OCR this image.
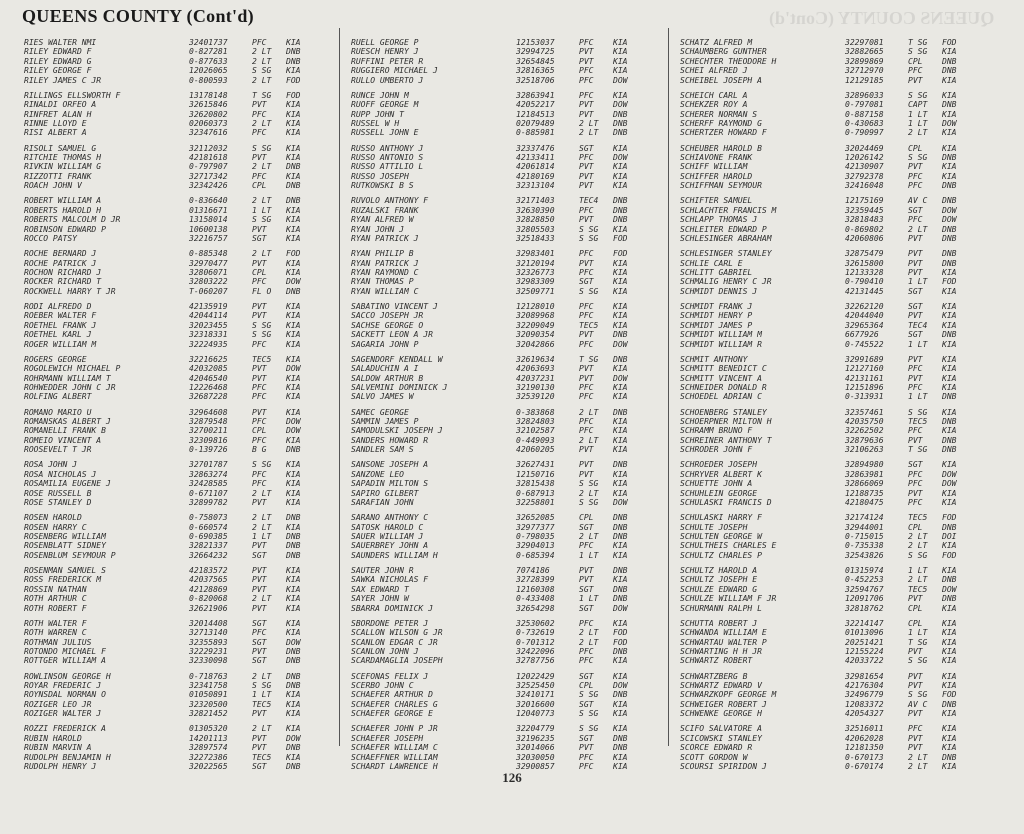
QUEENS COUNTY (Cont'd)	QUEENS COUNTY (Cont'd)
RIES WALTER NMI	32401737	PFC	KIA
RILEY EDWARD F	0-827281	2 LT	DNB
RILEY EDWARD G	0-877633	2 LT	DNB
RILEY GEORGE F	12026065	S SG	KIA
RILEY JAMES C JR	0-800593	2 LT	FOD
RILLINGS ELLSWORTH F	13178148	T SG	FOD
RINALDI ORFEO A	32615846	PVT	KIA
RINFRET ALAN H	32620802	PFC	KIA
RINNE LLOYD E	02060373	2 LT	KIA
RISI ALBERT A	32347616	PFC	KIA
RISOLI SAMUEL G	32112032	S SG	KIA
RITCHIE THOMAS H	42181618	PVT	KIA
RIVKIN WILLIAM G	0-797907	2 LT	DNB
RIZZOTTI FRANK	32717342	PFC	KIA
ROACH JOHN V	32342426	CPL	DNB
ROBERT WILLIAM A	0-836640	2 LT	DNB
ROBERTS HAROLD H	01316671	1 LT	KIA
ROBERTS MALCOLM D JR	13158014	S SG	KIA
ROBINSON EDWARD P	10600138	PVT	KIA
ROCCO PATSY	32216757	SGT	KIA
ROCHE BERNARD J	0-885348	2 LT	FOD
ROCHE PATRICK J	32970477	PVT	KIA
ROCHON RICHARD J	32806071	CPL	KIA
ROCKER RICHARD T	32803222	PFC	DOW
ROCKWELL HARRY T JR	T-060207	FL O	DNB
RODI ALFREDO D	42135919	PVT	KIA
ROEBER WALTER F	42044114	PVT	KIA
ROETHEL FRANK J	32023455	S SG	KIA
ROETHEL KARL J	32318331	S SG	KIA
ROGER WILLIAM M	32224935	PFC	KIA
ROGERS GEORGE	32216625	TEC5	KIA
ROGOLEWICH MICHAEL P	42032085	PVT	DOW
ROHRMANN WILLIAM T	42046540	PVT	KIA
ROHWEDDER JOHN C JR	12226468	PFC	KIA
ROLFING ALBERT	32687228	PFC	KIA
ROMANO MARIO U	32964608	PVT	KIA
ROMANSKAS ALBERT J	32879548	PFC	DOW
ROMANELLI FRANK B	32700211	CPL	DOW
ROMEIO VINCENT A	32309816	PFC	KIA
ROOSEVELT T JR	0-139726	B G	DNB
ROSA JOHN J	32701787	S SG	KIA
ROSA NICHOLAS J	32863274	PFC	KIA
ROSAMILIA EUGENE J	32428585	PFC	KIA
ROSE RUSSELL B	0-671107	2 LT	KIA
ROSE STANLEY D	32899782	PVT	KIA
ROSEN HAROLD	0-758073	2 LT	DNB
ROSEN HARRY C	0-660574	2 LT	KIA
ROSENBERG WILLIAM	0-690385	1 LT	DNB
ROSENBLATT SIDNEY	32821337	PVT	DNB
ROSENBLUM SEYMOUR P	32664232	SGT	DNB
ROSENMAN SAMUEL S	42183572	PVT	KIA
ROSS FREDERICK M	42037565	PVT	KIA
ROSSIN NATHAN	42128869	PVT	KIA
ROTH ARTHUR C	0-820068	2 LT	KIA
ROTH ROBERT F	32621906	PVT	KIA
ROTH WALTER F	32014408	SGT	KIA
ROTH WARREN C	32713140	PFC	KIA
ROTHMAN JULIUS	32355893	SGT	DOW
ROTONDO MICHAEL F	32229231	PVT	DNB
ROTTGER WILLIAM A	32330098	SGT	DNB
ROWLINSON GEORGE H	0-718763	2 LT	DNB
ROYAR FREDERIC J	32341758	S SG	DNB
ROYNSDAL NORMAN O	01050891	1 LT	KIA
ROZIGER LEO JR	32320500	TEC5	KIA
ROZIGER WALTER J	32821452	PVT	KIA
ROZZI FREDERICK A	01305320	2 LT	KIA
RUBIN HAROLD	14201113	PVT	DOW
RUBIN MARVIN A	32897574	PVT	DNB
RUDOLPH BENJAMIN H	32272386	TEC5	KIA
RUDOLPH HENRY J	32022565	SGT	DNB
RUELL GEORGE P	12153037	PFC	KIA
RUESCH HENRY J	32994725	PVT	KIA
RUFFINI PETER R	32654845	PVT	KIA
RUGGIERO MICHAEL J	32816365	PFC	KIA
RULLO UMBERTO J	32518706	PFC	DOW
RUNCE JOHN M	32863941	PFC	KIA
RUOFF GEORGE M	42052217	PVT	DOW
RUPP JOHN T	12184513	PVT	DNB
RUSSEL W H	02079489	2 LT	DNB
RUSSELL JOHN E	0-885981	2 LT	DNB
RUSSO ANTHONY J	32337476	SGT	KIA
RUSSO ANTONIO S	42133411	PFC	DOW
RUSSO ATTILIO L	42061814	PVT	KIA
RUSSO JOSEPH	42180169	PVT	KIA
RUTKOWSKI B S	32313104	PVT	KIA
RUVOLO ANTHONY F	32171403	TEC4	DNB
RUZALSKI FRANK	32630390	PFC	DNB
RYAN ALFRED W	32828850	PVT	DNB
RYAN JOHN J	32805503	S SG	KIA
RYAN PATRICK J	32518433	S SG	FOD
RYAN PHILIP B	32983401	PFC	FOD
RYAN PATRICK J	32120194	PVT	KIA
RYAN RAYMOND C	32326773	PFC	KIA
RYAN THOMAS P	32983309	SGT	KIA
RYAN WILLIAM C	32509771	S SG	KIA
SABATINO VINCENT J	12128010	PFC	KIA
SACCO JOSEPH JR	32089968	PFC	KIA
SACHSE GEORGE O	32209049	TEC5	KIA
SACKETT LEON A JR	32090354	PVT	DNB
SAGARIA JOHN P	32042866	PFC	DOW
SAGENDORF KENDALL W	32619634	T SG	DNB
SALADUCHIN A I	42063693	PVT	KIA
SALDOW ARTHUR B	42037231	PVT	DOW
SALVEMINI DOMINICK J	32190130	PFC	KIA
SALVO JAMES W	32539120	PFC	KIA
SAMEC GEORGE	0-383868	2 LT	DNB
SAMMIN JAMES P	32824803	PFC	KIA
SAMODULSKI JOSEPH J	32102587	PFC	KIA
SANDERS HOWARD R	0-449093	2 LT	KIA
SANDLER SAM S	42060205	PVT	KIA
SANSONE JOSEPH A	32627431	PVT	DNB
SANZONE LEO	12150716	PVT	KIA
SAPADIN MILTON S	32815438	S SG	KIA
SAPIRO GILBERT	0-687913	2 LT	KIA
SARAFIAN JOHN	32258801	S SG	DOW
SARANO ANTHONY C	32652085	CPL	DNB
SATOSK HAROLD C	32977377	SGT	DNB
SAUER WILLIAM J	0-798035	2 LT	DNB
SAUERBREY JOHN A	32904013	PFC	KIA
SAUNDERS WILLIAM H	0-685394	1 LT	KIA
SAUTER JOHN R	7074186	PVT	DNB
SAWKA NICHOLAS F	32728399	PVT	KIA
SAX EDWARD T	12160308	SGT	DNB
SAYER JOHN W	0-433408	1 LT	DNB
SBARRA DOMINICK J	32654298	SGT	DOW
SBORDONE PETER J	32530602	PFC	KIA
SCALLON WILSON G JR	0-732619	2 LT	FOD
SCANLON EDGAR C JR	0-701312	2 LT	FOD
SCANLON JOHN J	32422096	PFC	DNB
SCARDAMAGLIA JOSEPH	32787756	PFC	KIA
SCEFONAS FELIX J	12022429	SGT	KIA
SCERBO JOHN C	32525450	CPL	DOW
SCHAEFER ARTHUR D	32410171	S SG	DNB
SCHAEFER CHARLES G	32016600	SGT	KIA
SCHAEFER GEORGE E	12040773	S SG	KIA
SCHAEFER JOHN P JR	32204779	S SG	KIA
SCHAEFER JOSEPH	32196235	SGT	DNB
SCHAEFER WILLIAM C	32014066	PVT	DNB
SCHAEFFNER WILLIAM	32030050	PFC	KIA
SCHARDT LAWRENCE H	32900857	PFC	KIA
SCHATZ ALFRED M	32297081	T SG	FOD
SCHAUMBERG GUNTHER	32882665	S SG	KIA
SCHECHTER THEODORE H	32899869	CPL	DNB
SCHEI ALFRED J	32712970	PFC	DNB
SCHEIBEL JOSEPH A	12129185	PVT	KIA
SCHEICH CARL A	32896033	S SG	KIA
SCHEKZER ROY A	0-797081	CAPT	DNB
SCHERER NORMAN S	0-887158	1 LT	KIA
SCHERFF RAYMOND G	0-430683	1 LT	DOW
SCHERTZER HOWARD F	0-790997	2 LT	KIA
SCHEUBER HAROLD B	32024469	CPL	KIA
SCHIAVONE FRANK	12026142	S SG	DNB
SCHIFF WILLIAM	42130907	PVT	KIA
SCHIFFER HAROLD	32792378	PFC	KIA
SCHIFFMAN SEYMOUR	32416048	PFC	DNB
SCHIFTER SAMUEL	12175169	AV C	DNB
SCHLACHTER FRANCIS M	32359445	SGT	DOW
SCHLAPP THOMAS J	32818483	PFC	DOW
SCHLEITER EDWARD P	0-869802	2 LT	DNB
SCHLESINGER ABRAHAM	42060806	PVT	DNB
SCHLESINGER STANLEY	32875479	PVT	DNB
SCHLIE CARL E	32615800	PVT	DNB
SCHLITT GABRIEL	12133328	PVT	KIA
SCHMALIG HENRY C JR	0-790410	1 LT	FOD
SCHMIDT DENNIS J	42131445	SGT	KIA
SCHMIDT FRANK J	32262120	SGT	KIA
SCHMIDT HENRY P	42044040	PVT	KIA
SCHMIDT JAMES P	32965364	TEC4	KIA
SCHMIDT WILLIAM M	6677926	SGT	DNB
SCHMIDT WILLIAM R	0-745522	1 LT	KIA
SCHMIT ANTHONY	32991689	PVT	KIA
SCHMITT BENEDICT C	12127160	PFC	KIA
SCHMITT VINCENT A	42131161	PVT	KIA
SCHNEIDER DONALD R	12151896	PFC	KIA
SCHOEDEL ADRIAN C	0-313931	1 LT	DNB
SCHOENBERG STANLEY	32357461	S SG	KIA
SCHOERPNER MILTON H	42035750	TEC5	DNB
SCHRAMM BRUNO F	32262502	PFC	KIA
SCHREINER ANTHONY T	32879636	PVT	DNB
SCHRODER JOHN F	32106263	T SG	DNB
SCHROEDER JOSEPH	32894980	SGT	KIA
SCHRYVER ALBERT K	32863981	PFC	DOW
SCHUETTE JOHN A	32866069	PFC	DOW
SCHUHLEIN GEORGE	12188735	PVT	KIA
SCHULASKI FRANCIS D	42180475	PFC	KIA
SCHULASKI HARRY F	32174124	TEC5	FOD
SCHULTE JOSEPH	32944001	CPL	DNB
SCHULTEN GEORGE W	0-715015	2 LT	DOI
SCHULTHEIS CHARLES E	0-735338	2 LT	KIA
SCHULTZ CHARLES P	32543826	S SG	FOD
SCHULTZ HAROLD A	01315974	1 LT	KIA
SCHULTZ JOSEPH E	0-452253	2 LT	DNB
SCHULZE EDWARD G	32594767	TEC5	DOW
SCHULZE WILLIAM F JR	12091706	PVT	DNB
SCHURMANN RALPH L	32818762	CPL	KIA
SCHUTTA ROBERT J	32214147	CPL	KIA
SCHWANDA WILLIAM E	01013096	1 LT	KIA
SCHWARTAU WALTER P	20251421	T SG	KIA
SCHWARTING H H JR	12155224	PVT	KIA
SCHWARTZ ROBERT	42033722	S SG	KIA
SCHWARTZBERG B	32981654	PVT	KIA
SCHWARTZ EDWARD V	42176304	PVT	KIA
SCHWARZKOPF GEORGE M	32496779	S SG	FOD
SCHWEIGER ROBERT J	12083372	AV C	DNB
SCHWENKE GEORGE H	42054327	PVT	KIA
SCIFO SALVATORE A	32516011	PFC	KIA
SCICOWSKI STANLEY	42062028	PVT	KIA
SCORCE EDWARD R	12181350	PVT	KIA
SCOTT GORDON W	0-670173	2 LT	DNB
SCOURSI SPIRIDON J	0-670174	2 LT	KIA
126
